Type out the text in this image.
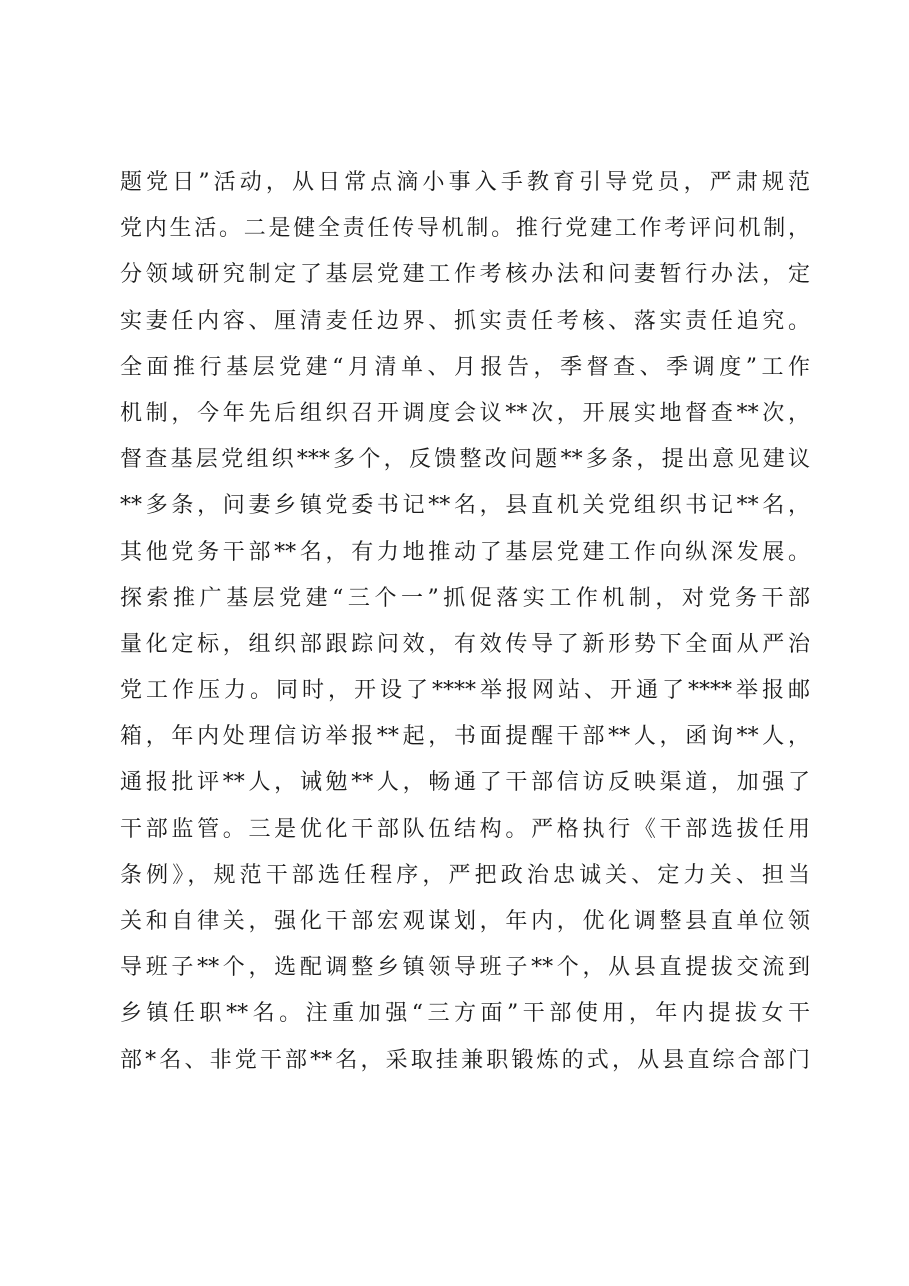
题党日”活动，从日常点滴小事入手教育引导党员，严肃规范
党内生活。二是健全责任传导机制。推行党建工作考评问机制，
分领域研究制定了基层党建工作考核办法和问妻暂行办法，定
实妻任内容、厘清麦任边界、抓实责任考核、落实责任追究。
全面推行基层党建“月清单、月报告，季督查、季调度”工作
机制，今年先后组织召开调度会议**次，开展实地督查**次，
督查基层党组织***多个，反馈整改问题**多条，提出意见建议
**多条，问妻乡镇党委书记**名，县直机关党组织书记**名，
其他党务干部**名，有力地推动了基层党建工作向纵深发展。
探索推广基层党建“三个一”抓促落实工作机制，对党务干部
量化定标，组织部跟踪问效，有效传导了新形势下全面从严治
党工作压力。同时，开设了****举报网站、开通了****举报邮
箱，年内处理信访举报**起，书面提醒干部**人，函询**人，
通报批评**人，诫勉**人，畅通了干部信访反映渠道，加强了
干部监管。三是优化干部队伍结构。严格执行《干部选拔任用
条例》，规范干部选任程序，严把政治忠诚关、定力关、担当
关和自律关，强化干部宏观谋划，年内，优化调整县直单位领
导班子**个，选配调整乡镇领导班子**个，从县直提拔交流到
乡镇任职**名。注重加强“三方面”干部使用，年内提拔女干
部*名、非党干部**名，采取挂兼职锻炼的式，从县直综合部门
